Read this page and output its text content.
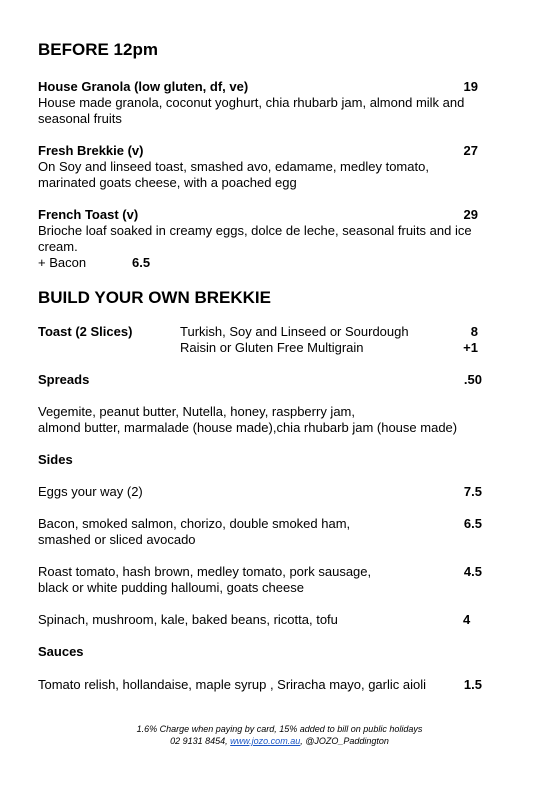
BEFORE 12pm
House Granola (low gluten, df, ve)	19
House made granola, coconut yoghurt, chia rhubarb jam, almond milk and
seasonal fruits
Fresh Brekkie (v)	27
On Soy and linseed toast, smashed avo, edamame, medley tomato,
marinated goats cheese, with a poached egg
French Toast (v)	29
Brioche loaf soaked in creamy eggs, dolce de leche, seasonal fruits and ice
cream.
+ Bacon	6.5
BUILD YOUR OWN BREKKIE
Toast (2 Slices)	Turkish, Soy and Linseed or Sourdough	8
Raisin or Gluten Free Multigrain	+1
Spreads	.50
Vegemite, peanut butter, Nutella, honey, raspberry jam,
almond butter, marmalade (house made),chia rhubarb jam (house made)
Sides
Eggs your way (2)	7.5
Bacon, smoked salmon, chorizo, double smoked ham,	6.5
smashed or sliced avocado
Roast tomato, hash brown, medley tomato, pork sausage,	4.5
black or white pudding halloumi, goats cheese
Spinach, mushroom, kale, baked beans, ricotta, tofu	4
Sauces
Tomato relish, hollandaise, maple syrup , Sriracha mayo, garlic aioli	1.5
1.6% Charge when paying by card, 15% added to bill on public holidays
02 9131 8454, www.jozo.com.au, @JOZO_Paddington
